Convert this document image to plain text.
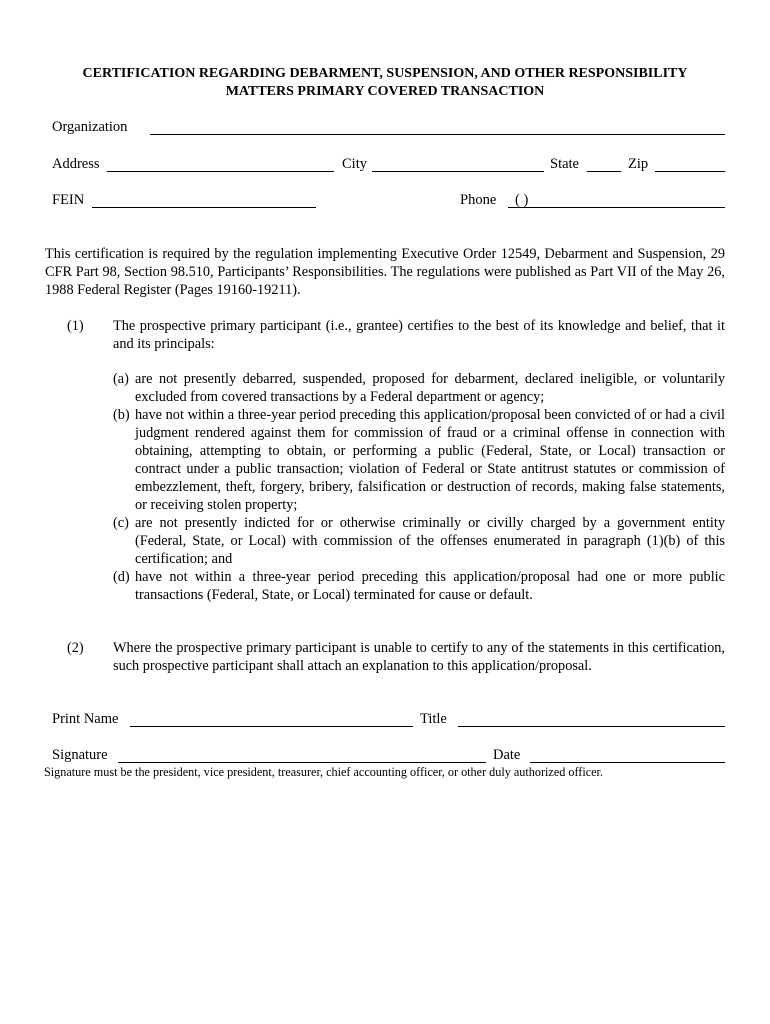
CERTIFICATION REGARDING DEBARMENT, SUSPENSION, AND OTHER RESPONSIBILITY
MATTERS PRIMARY COVERED TRANSACTION
Organization
Address	City	State	Zip
FEIN	Phone ( )
This certification is required by the regulation implementing Executive Order 12549, Debarment and Suspension, 29 CFR Part 98, Section 98.510, Participants’ Responsibilities. The regulations were published as Part VII of the May 26, 1988 Federal Register (Pages 19160-19211).
(1) The prospective primary participant (i.e., grantee) certifies to the best of its knowledge and belief, that it and its principals:
(a) are not presently debarred, suspended, proposed for debarment, declared ineligible, or voluntarily excluded from covered transactions by a Federal department or agency;
(b) have not within a three-year period preceding this application/proposal been convicted of or had a civil judgment rendered against them for commission of fraud or a criminal offense in connection with obtaining, attempting to obtain, or performing a public (Federal, State, or Local) transaction or contract under a public transaction; violation of Federal or State antitrust statutes or commission of embezzlement, theft, forgery, bribery, falsification or destruction of records, making false statements, or receiving stolen property;
(c) are not presently indicted for or otherwise criminally or civilly charged by a government entity (Federal, State, or Local) with commission of the offenses enumerated in paragraph (1)(b) of this certification; and
(d) have not within a three-year period preceding this application/proposal had one or more public transactions (Federal, State, or Local) terminated for cause or default.
(2) Where the prospective primary participant is unable to certify to any of the statements in this certification, such prospective participant shall attach an explanation to this application/proposal.
Print Name	Title
Signature	Date
Signature must be the president, vice president, treasurer, chief accounting officer, or other duly authorized officer.
